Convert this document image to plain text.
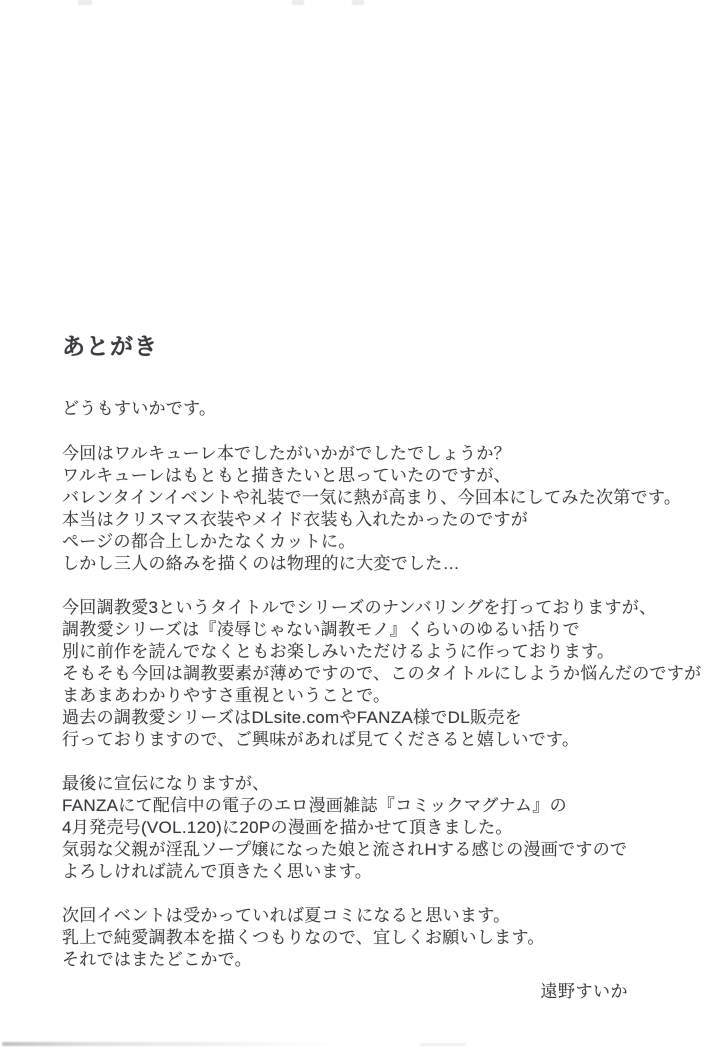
あとがき
どうもすいかです。
今回はワルキューレ本でしたがいかがでしたでしょうか？
ワルキューレはもともと描きたいと思っていたのですが、
バレンタインイベントや礼装で一気に熱が高まり、今回本にしてみた次第です。
本当はクリスマス衣装やメイド衣装も入れたかったのですが
ページの都合上しかたなくカットに。
しかし三人の絡みを描くのは物理的に大変でした…
今回調教愛3というタイトルでシリーズのナンバリングを打っておりますが、
調教愛シリーズは『凌辱じゃない調教モノ』くらいのゆるい括りで
別に前作を読んでなくともお楽しみいただけるように作っております。
そもそも今回は調教要素が薄めですので、このタイトルにしようか悩んだのですが
まあまあわかりやすさ重視ということで。
過去の調教愛シリーズはDLsite.comやFANZA様でDL販売を
行っておりますので、ご興味があれば見てくださると嬉しいです。
最後に宣伝になりますが、
FANZAにて配信中の電子のエロ漫画雑誌『コミックマグナム』の
4月発売号(VOL.120)に20Pの漫画を描かせて頂きました。
気弱な父親が淫乱ソープ嬢になった娘と流されHする感じの漫画ですので
よろしければ読んで頂きたく思います。
次回イベントは受かっていれば夏コミになると思います。
乳上で純愛調教本を描くつもりなので、宜しくお願いします。
それではまたどこかで。
遠野すいか
